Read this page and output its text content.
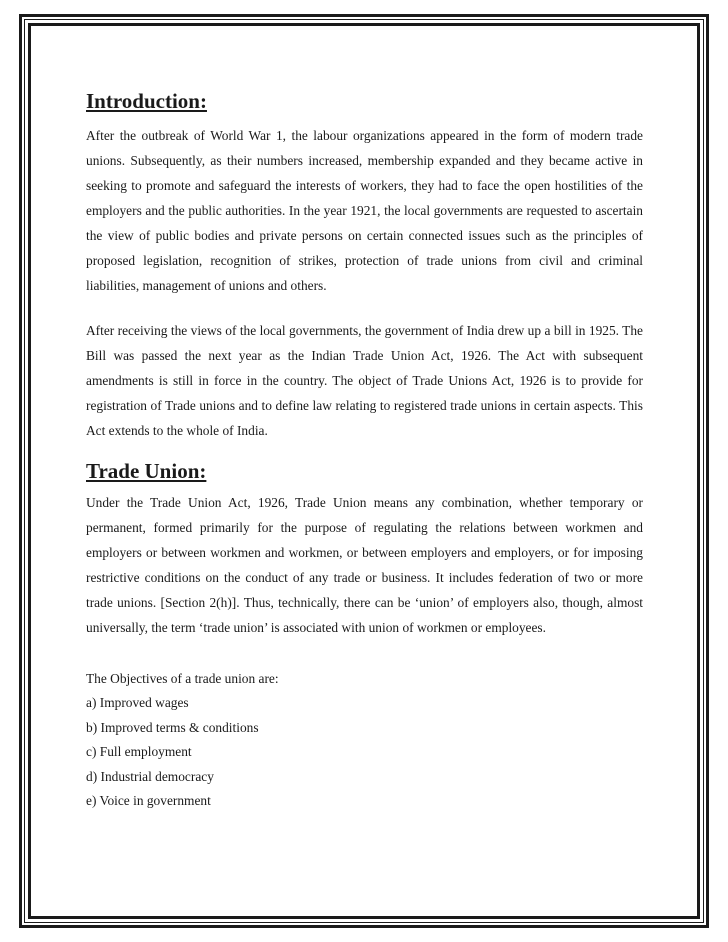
Introduction:

After the outbreak of World War 1, the labour organizations appeared in the form of modern trade unions. Subsequently, as their numbers increased, membership expanded and they became active in seeking to promote and safeguard the interests of workers, they had to face the open hostilities of the employers and the public authorities. In the year 1921, the local governments are requested to ascertain the view of public bodies and private persons on certain connected issues such as the principles of proposed legislation, recognition of strikes, protection of trade unions from civil and criminal liabilities, management of unions and others.

After receiving the views of the local governments, the government of India drew up a bill in 1925. The Bill was passed the next year as the Indian Trade Union Act, 1926. The Act with subsequent amendments is still in force in the country. The object of Trade Unions Act, 1926 is to provide for registration of Trade unions and to define law relating to registered trade unions in certain aspects. This Act extends to the whole of India.

Trade Union:

Under the Trade Union Act, 1926, Trade Union means any combination, whether temporary or permanent, formed primarily for the purpose of regulating the relations between workmen and employers or between workmen and workmen, or between employers and employers, or for imposing restrictive conditions on the conduct of any trade or business. It includes federation of two or more trade unions. [Section 2(h)]. Thus, technically, there can be ‘union’ of employers also, though, almost universally, the term ‘trade union’ is associated with union of workmen or employees.

The Objectives of a trade union are:

a) Improved wages
b) Improved terms & conditions
c) Full employment
d) Industrial democracy
e) Voice in government
